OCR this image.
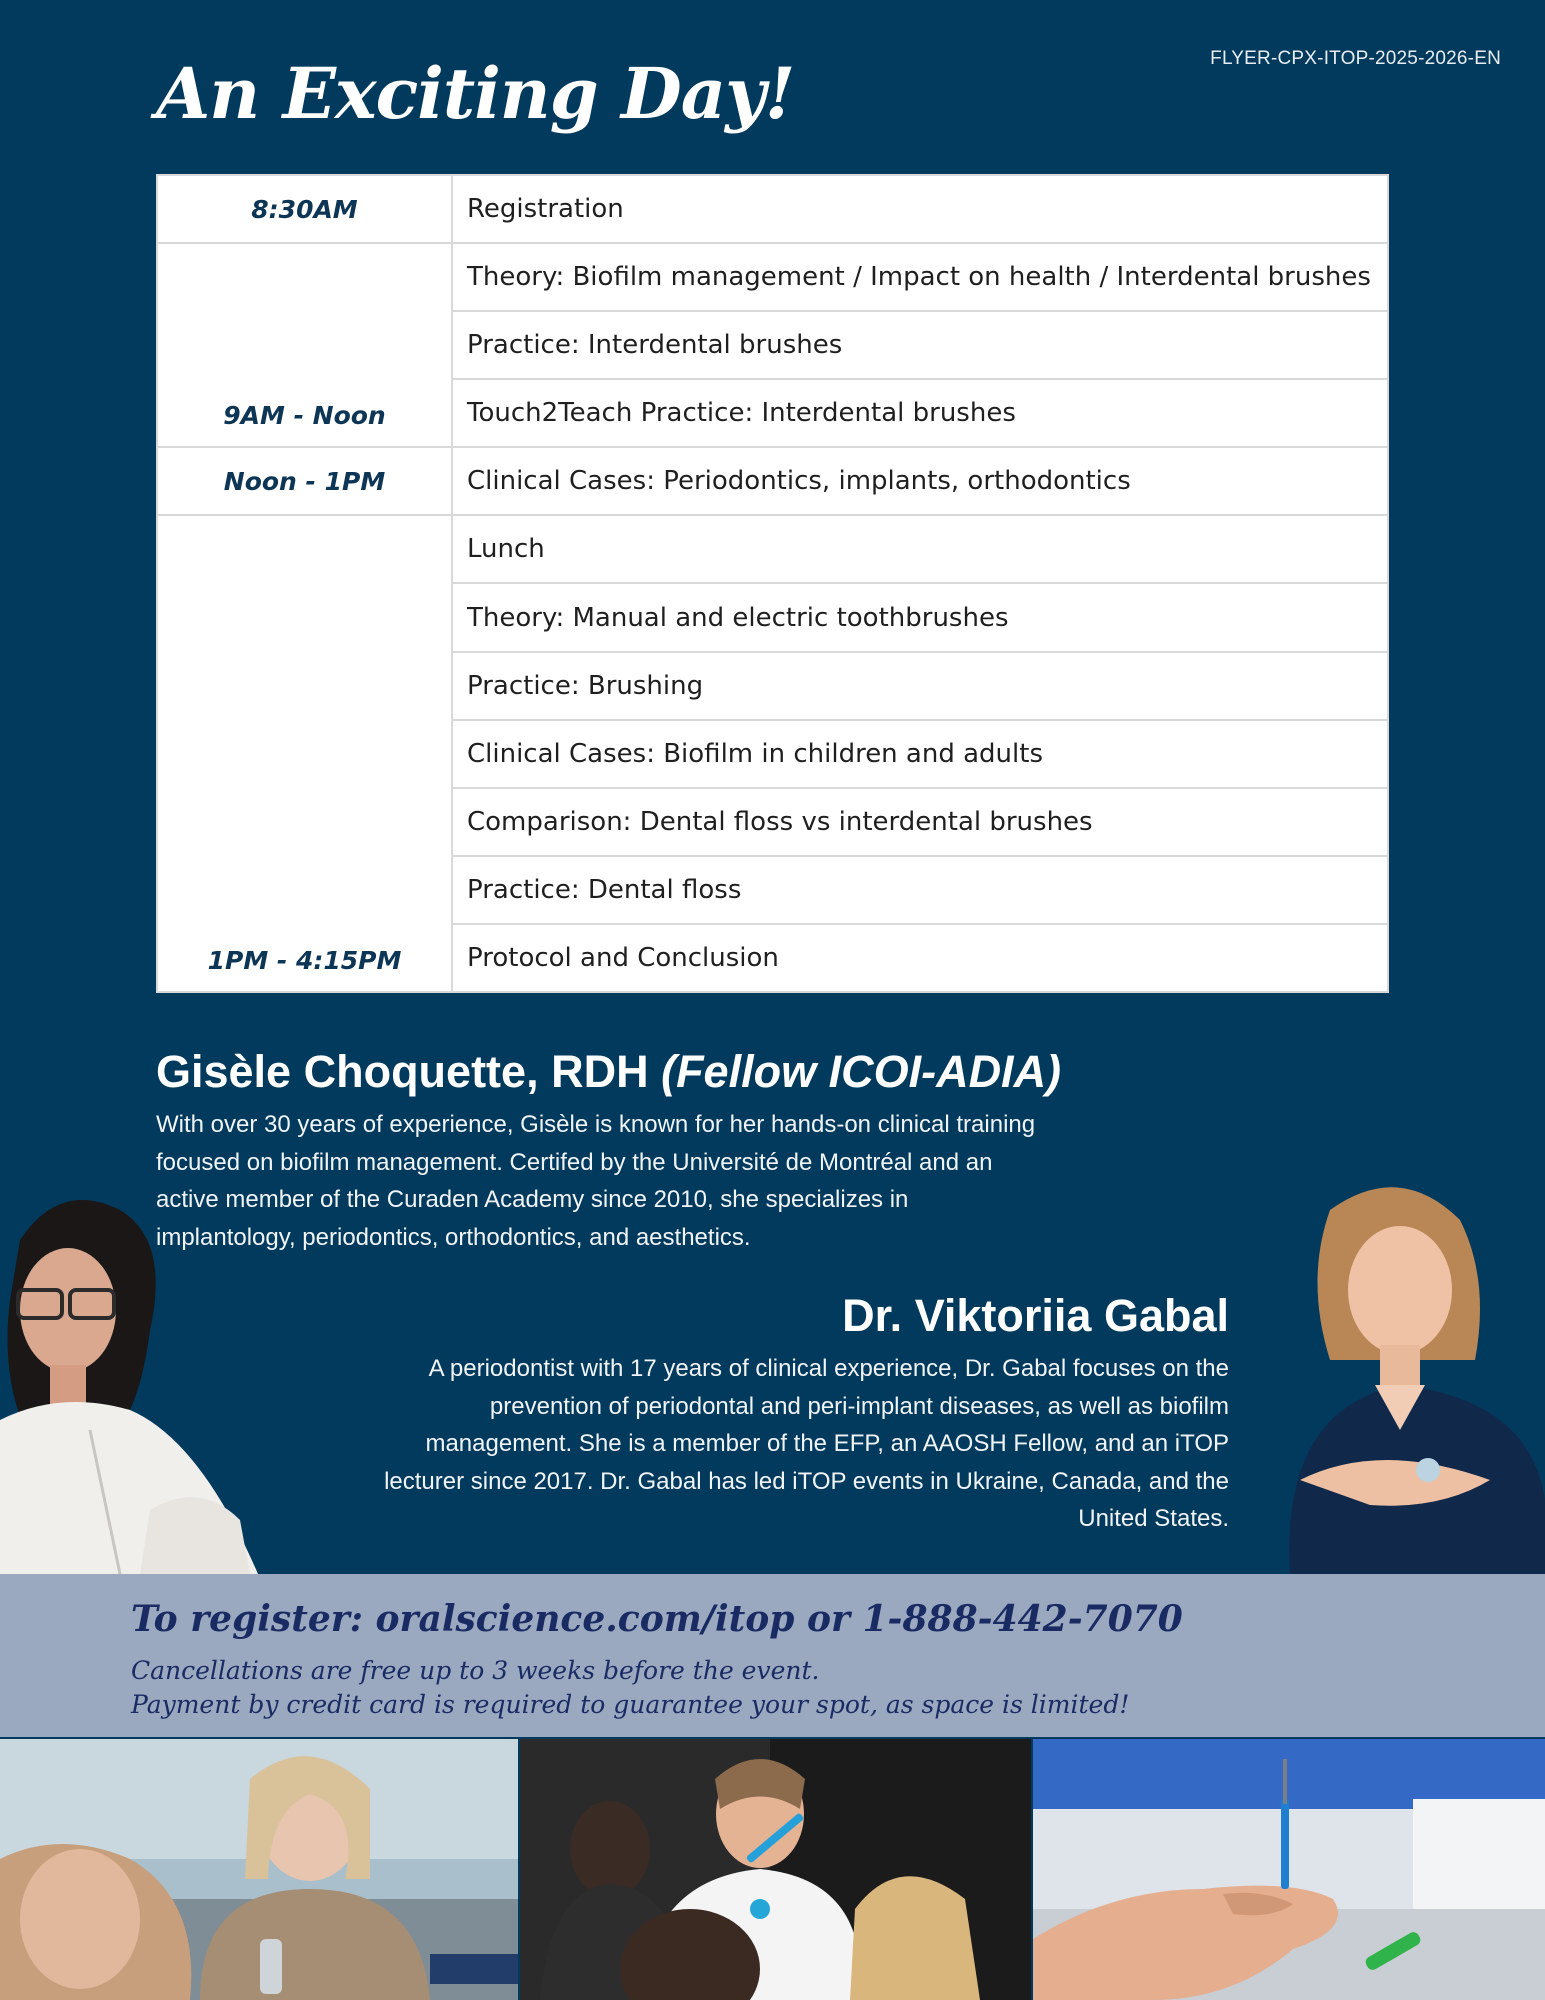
FLYER-CPX-ITOP-2025-2026-EN
An Exciting Day!
8:30AM	Registration
9AM - Noon	Theory: Biofilm management / Impact on health / Interdental brushes
	Practice: Interdental brushes
	Touch2Teach Practice: Interdental brushes
Noon - 1PM	Clinical Cases: Periodontics, implants, orthodontics
1PM - 4:15PM	Lunch
	Theory: Manual and electric toothbrushes
	Practice: Brushing
	Clinical Cases: Biofilm in children and adults
	Comparison: Dental floss vs interdental brushes
	Practice: Dental floss
	Protocol and Conclusion
Gisèle Choquette, RDH (Fellow ICOI-ADIA)

With over 30 years of experience, Gisèle is known for her hands-on clinical training focused on biofilm management. Certifed by the Université de Montréal and an active member of the Curaden Academy since 2010, she specializes in implantology, periodontics, orthodontics, and aesthetics.

Dr. Viktoriia Gabal

A periodontist with 17 years of clinical experience, Dr. Gabal focuses on the prevention of periodontal and peri-implant diseases, as well as biofilm management. She is a member of the EFP, an AAOSH Fellow, and an iTOP lecturer since 2017. Dr. Gabal has led iTOP events in Ukraine, Canada, and the United States.

To register: oralscience.com/itop or 1-888-442-7070

Cancellations are free up to 3 weeks before the event.

Payment by credit card is required to guarantee your spot, as space is limited!
